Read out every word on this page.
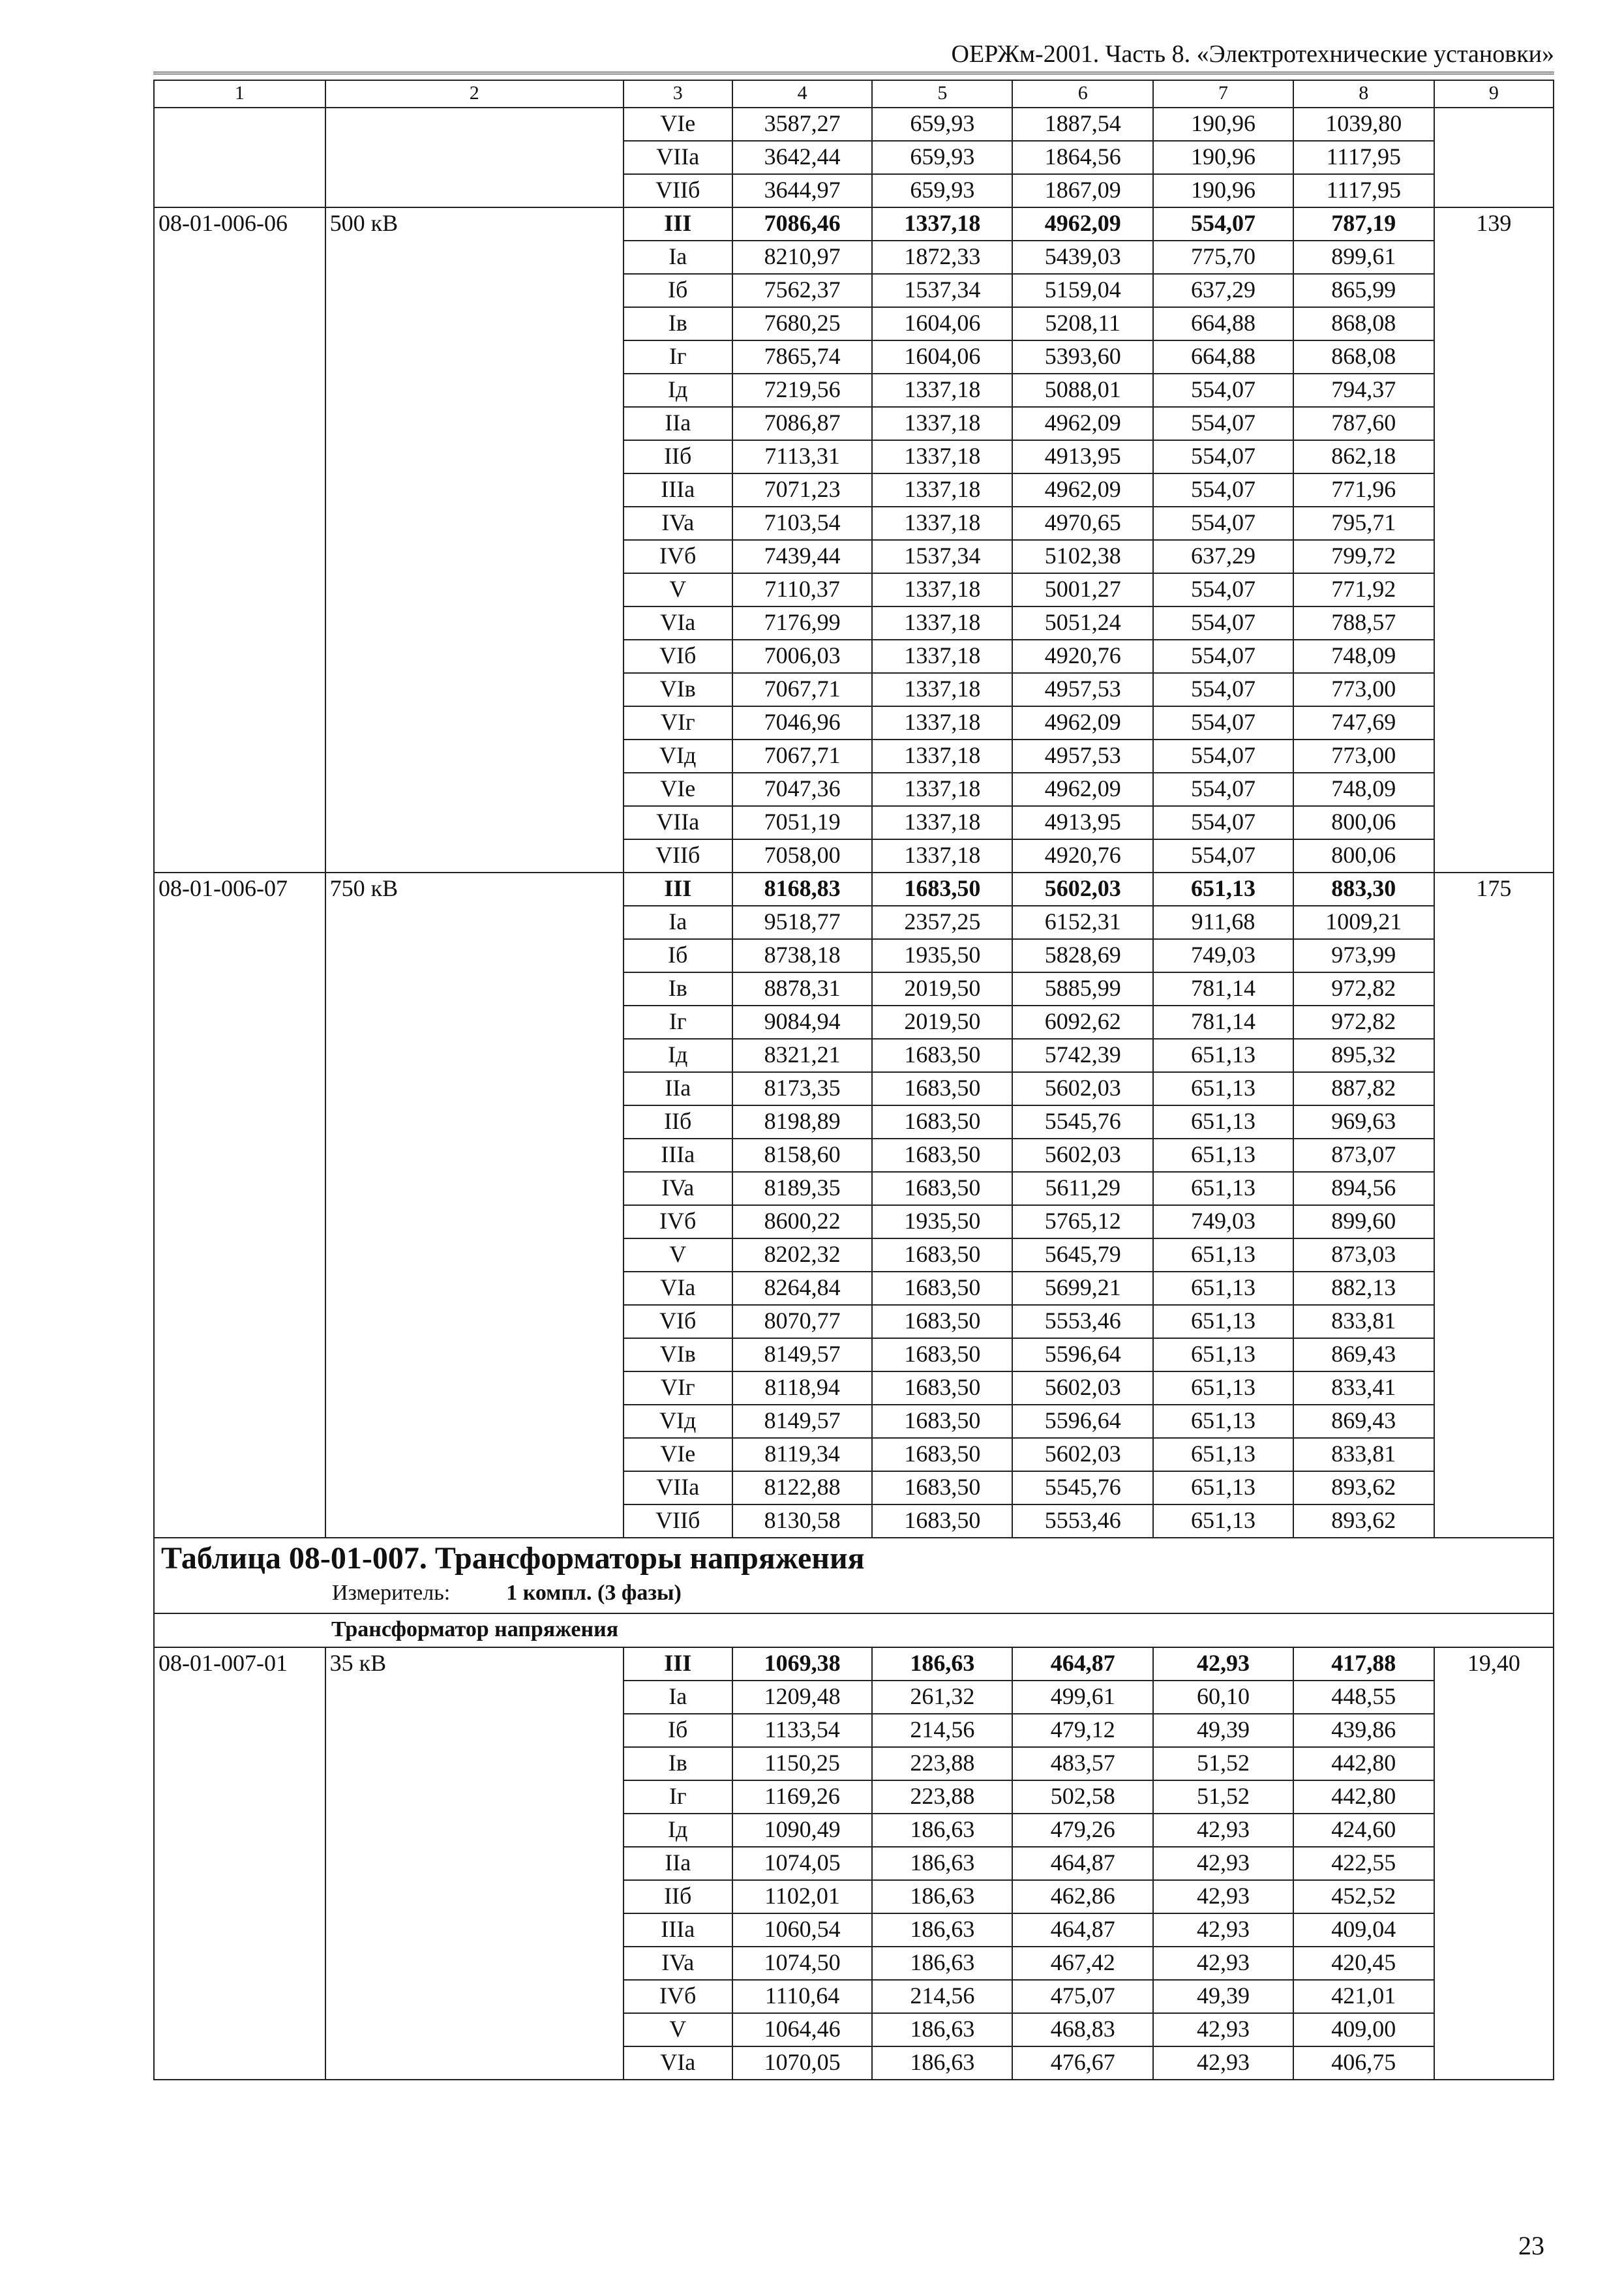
ОЕРЖм-2001. Часть 8. «Электротехнические установки»
1	2	3	4	5	6	7	8	9
		VIe	3587,27	659,93	1887,54	190,96	1039,80	
		VIIa	3642,44	659,93	1864,56	190,96	1117,95	
		VIIб	3644,97	659,93	1867,09	190,96	1117,95	
08-01-006-06	500 кВ	III	7086,46	1337,18	4962,09	554,07	787,19	139
		Ia	8210,97	1872,33	5439,03	775,70	899,61	
		Iб	7562,37	1537,34	5159,04	637,29	865,99	
		Iв	7680,25	1604,06	5208,11	664,88	868,08	
		Iг	7865,74	1604,06	5393,60	664,88	868,08	
		Iд	7219,56	1337,18	5088,01	554,07	794,37	
		IIa	7086,87	1337,18	4962,09	554,07	787,60	
		IIб	7113,31	1337,18	4913,95	554,07	862,18	
		IIIa	7071,23	1337,18	4962,09	554,07	771,96	
		IVa	7103,54	1337,18	4970,65	554,07	795,71	
		IVб	7439,44	1537,34	5102,38	637,29	799,72	
		V	7110,37	1337,18	5001,27	554,07	771,92	
		VIa	7176,99	1337,18	5051,24	554,07	788,57	
		VIб	7006,03	1337,18	4920,76	554,07	748,09	
		VIв	7067,71	1337,18	4957,53	554,07	773,00	
		VIг	7046,96	1337,18	4962,09	554,07	747,69	
		VIд	7067,71	1337,18	4957,53	554,07	773,00	
		VIe	7047,36	1337,18	4962,09	554,07	748,09	
		VIIa	7051,19	1337,18	4913,95	554,07	800,06	
		VIIб	7058,00	1337,18	4920,76	554,07	800,06	
08-01-006-07	750 кВ	III	8168,83	1683,50	5602,03	651,13	883,30	175
		Ia	9518,77	2357,25	6152,31	911,68	1009,21	
		Iб	8738,18	1935,50	5828,69	749,03	973,99	
		Iв	8878,31	2019,50	5885,99	781,14	972,82	
		Iг	9084,94	2019,50	6092,62	781,14	972,82	
		Iд	8321,21	1683,50	5742,39	651,13	895,32	
		IIa	8173,35	1683,50	5602,03	651,13	887,82	
		IIб	8198,89	1683,50	5545,76	651,13	969,63	
		IIIa	8158,60	1683,50	5602,03	651,13	873,07	
		IVa	8189,35	1683,50	5611,29	651,13	894,56	
		IVб	8600,22	1935,50	5765,12	749,03	899,60	
		V	8202,32	1683,50	5645,79	651,13	873,03	
		VIa	8264,84	1683,50	5699,21	651,13	882,13	
		VIб	8070,77	1683,50	5553,46	651,13	833,81	
		VIв	8149,57	1683,50	5596,64	651,13	869,43	
		VIг	8118,94	1683,50	5602,03	651,13	833,41	
		VIд	8149,57	1683,50	5596,64	651,13	869,43	
		VIe	8119,34	1683,50	5602,03	651,13	833,81	
		VIIa	8122,88	1683,50	5545,76	651,13	893,62	
		VIIб	8130,58	1683,50	5553,46	651,13	893,62	

Таблица 08-01-007. Трансформаторы напряжения
Измеритель: 1 компл. (3 фазы)								

Трансформатор напряжения								
08-01-007-01	35 кВ	III	1069,38	186,63	464,87	42,93	417,88	19,40
		Ia	1209,48	261,32	499,61	60,10	448,55	
		Iб	1133,54	214,56	479,12	49,39	439,86	
		Iв	1150,25	223,88	483,57	51,52	442,80	
		Iг	1169,26	223,88	502,58	51,52	442,80	
		Iд	1090,49	186,63	479,26	42,93	424,60	
		IIa	1074,05	186,63	464,87	42,93	422,55	
		IIб	1102,01	186,63	462,86	42,93	452,52	
		IIIa	1060,54	186,63	464,87	42,93	409,04	
		IVa	1074,50	186,63	467,42	42,93	420,45	
		IVб	1110,64	214,56	475,07	49,39	421,01	
		V	1064,46	186,63	468,83	42,93	409,00	
		VIa	1070,05	186,63	476,67	42,93	406,75	
23
